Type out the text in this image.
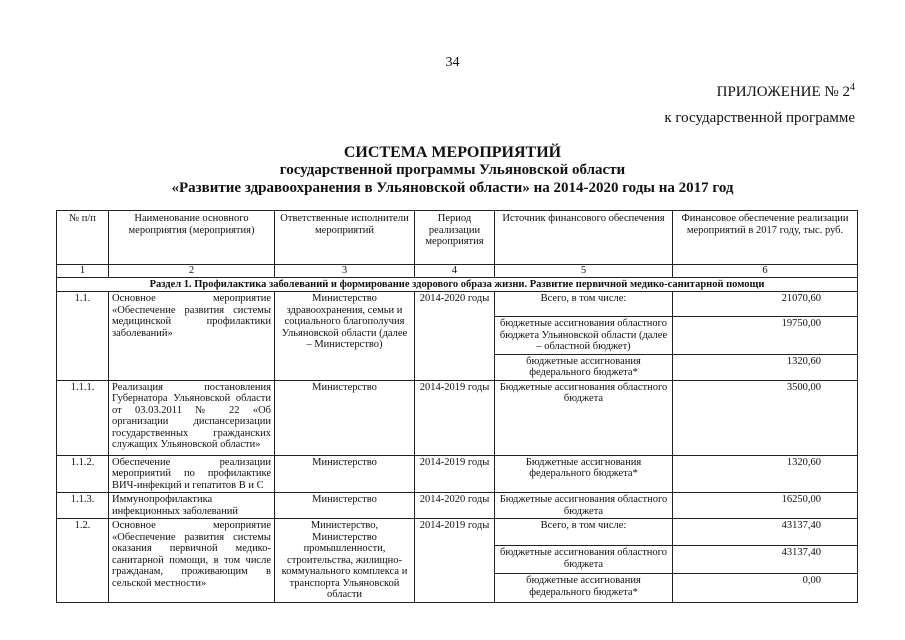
34
ПРИЛОЖЕНИЕ № $2^4$
к государственной программе
СИСТЕМА МЕРОПРИЯТИЙ
государственной программы Ульяновской области
«Развитие здравоохранения в Ульяновской области» на 2014-2020 годы на 2017 год
№ п/п	Наименование основного мероприятия (мероприятия)	Ответственные исполнители мероприятий	Период реализации мероприятия	Источник финансового обеспечения	Финансовое обеспечение реализации мероприятий в 2017 году, тыс. руб.
1	2	3	4	5	6
Раздел 1. Профилактика заболеваний и формирование здорового образа жизни. Развитие первичной медико-санитарной помощи					
1.1.	Основное мероприятие «Обеспечение развития системы медицинской профилактики заболеваний»	Министерство здравоохранения, семьи и социального благополучия Ульяновской области (далее – Министерство)	2014-2020 годы	Всего, в том числе:	21070,60
				бюджетные ассигнования областного бюджета Ульяновской области (далее – областной бюджет)	19750,00
				бюджетные ассигнования федерального бюджета*	1320,60
1.1.1.	Реализация постановления Губернатора Ульяновской области от 03.03.2011 № 22 «Об организации диспансеризации государственных гражданских служащих Ульяновской области»	Министерство	2014-2019 годы	Бюджетные ассигнования областного бюджета	3500,00
1.1.2.	Обеспечение реализации мероприятий по профилактике ВИЧ-инфекций и гепатитов В и С	Министерство	2014-2019 годы	Бюджетные ассигнования федерального бюджета*	1320,60
1.1.3.	Иммунопрофилактика инфекционных заболеваний	Министерство	2014-2020 годы	Бюджетные ассигнования областного бюджета	16250,00
1.2.	Основное мероприятие «Обеспечение развития системы оказания первичной медико-санитарной помощи, в том числе гражданам, проживающим в сельской местности»	Министерство, Министерство промышленности, строительства, жилищно-коммунального комплекса и транспорта Ульяновской области	2014-2019 годы	Всего, в том числе:	43137,40
				бюджетные ассигнования областного бюджета	43137,40
				бюджетные ассигнования федерального бюджета*	0,00
